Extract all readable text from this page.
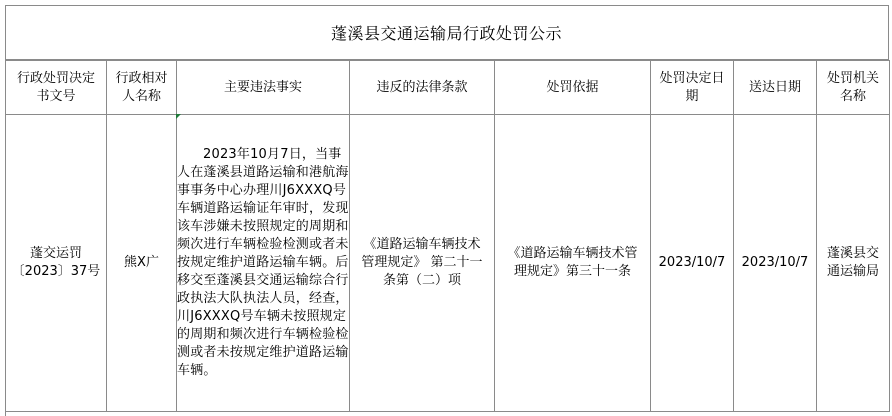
蓬溪县交通运输局行政处罚公示
行政处罚决定书文号	行政相对人名称	主要违法事实	违反的法律条款	处罚依据	处罚决定日期	送达日期	处罚机关名称

蓬交运罚〔2023〕37号	熊X广	2023年10月7日，当事人在蓬溪县道路运输和港航海事事务中心办理川J6XXXQ号车辆道路运输证年审时，发现该车涉嫌未按照规定的周期和频次进行车辆检验检测或者未按规定维护道路运输车辆。后移交至蓬溪县交通运输综合行政执法大队执法人员，经查，川J6XXXQ号车辆未按照规定的周期和频次进行车辆检验检测或者未按规定维护道路运输车辆。	《道路运输车辆技术管理规定》 第二十一条第（二）项	《道路运输车辆技术管理规定》第三十一条	2023/10/7	2023/10/7	蓬溪县交通运输局
